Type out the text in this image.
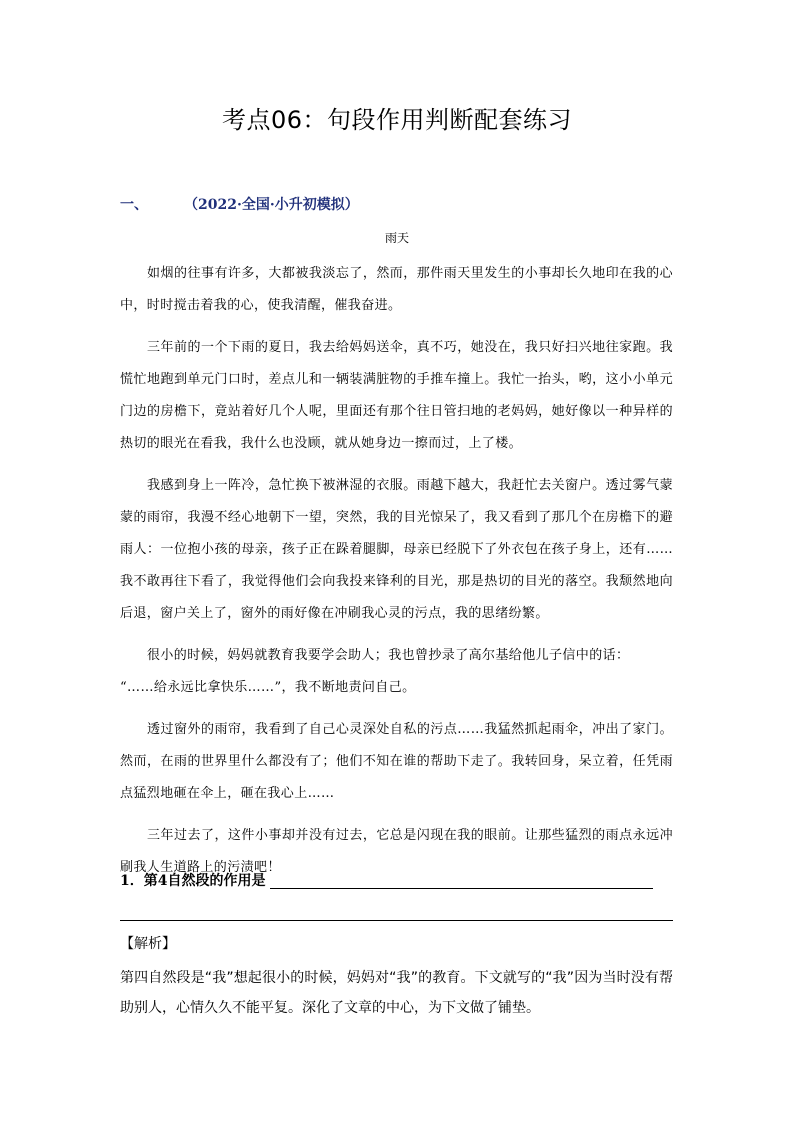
考点06：句段作用判断配套练习
一、	（2022·全国·小升初模拟）
雨天

如烟的往事有许多，大都被我淡忘了，然而，那件雨天里发生的小事却长久地印在我的心中，时时搅击着我的心，使我清醒，催我奋进。

三年前的一个下雨的夏日，我去给妈妈送伞，真不巧，她没在，我只好扫兴地往家跑。我慌忙地跑到单元门口时，差点儿和一辆装满脏物的手推车撞上。我忙一抬头，哟，这小小单元门边的房檐下，竟站着好几个人呢，里面还有那个往日管扫地的老妈妈，她好像以一种异样的热切的眼光在看我，我什么也没顾，就从她身边一擦而过，上了楼。

我感到身上一阵冷，急忙换下被淋湿的衣服。雨越下越大，我赶忙去关窗户。透过雾气蒙蒙的雨帘，我漫不经心地朝下一望，突然，我的目光惊呆了，我又看到了那几个在房檐下的避雨人：一位抱小孩的母亲，孩子正在跺着腿脚，母亲已经脱下了外衣包在孩子身上，还有……我不敢再往下看了，我觉得他们会向我投来锋利的目光，那是热切的目光的落空。我颓然地向后退，窗户关上了，窗外的雨好像在冲刷我心灵的污点，我的思绪纷繁。

很小的时候，妈妈就教育我要学会助人；我也曾抄录了高尔基给他儿子信中的话：

“……给永远比拿快乐……”，我不断地责问自己。

透过窗外的雨帘，我看到了自己心灵深处自私的污点……我猛然抓起雨伞，冲出了家门。然而，在雨的世界里什么都没有了；他们不知在谁的帮助下走了。我转回身，呆立着，任凭雨点猛烈地砸在伞上，砸在我心上……

三年过去了，这件小事却并没有过去，它总是闪现在我的眼前。让那些猛烈的雨点永远冲刷我人生道路上的污渍吧！

1．第4自然段的作用是
【解析】
第四自然段是“我”想起很小的时候，妈妈对“我”的教育。下文就写的“我”因为当时没有帮助别人，心情久久不能平复。深化了文章的中心，为下文做了铺垫。
